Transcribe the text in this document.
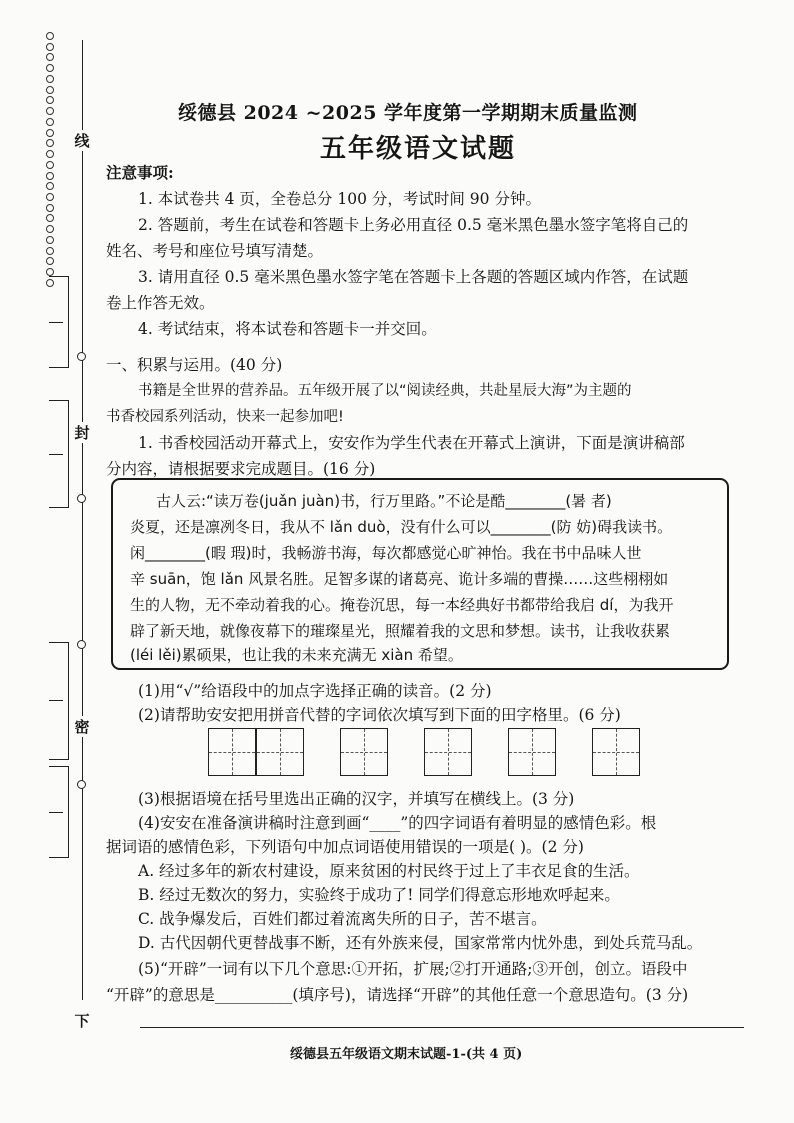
线
封
密
下
绥德县 2024 ~2025 学年度第一学期期末质量监测
五年级语文试题
注意事项:
1. 本试卷共 4 页，全卷总分 100 分，考试时间 90 分钟。
2. 答题前，考生在试卷和答题卡上务必用直径 0.5 毫米黑色墨水签字笔将自己的
姓名、考号和座位号填写清楚。
3. 请用直径 0.5 毫米黑色墨水签字笔在答题卡上各题的答题区域内作答，在试题
卷上作答无效。
4. 考试结束，将本试卷和答题卡一并交回。
一、积累与运用。(40 分)
书籍是全世界的营养品。五年级开展了以“阅读经典，共赴星辰大海”为主题的
书香校园系列活动，快来一起参加吧!
1. 书香校园活动开幕式上，安安作为学生代表在开幕式上演讲，下面是演讲稿部
分内容，请根据要求完成题目。(16 分)
古人云:“读万卷(juǎn juàn)书，行万里路。”不论是酷________(暑 者)
炎夏，还是凛冽冬日，我从不 lǎn duò，没有什么可以________(防 妨)碍我读书。
闲________(暇 瑕)时，我畅游书海，每次都感觉心旷神怡。我在书中品味人世
辛 suān，饱 lǎn 风景名胜。足智多谋的诸葛亮、诡计多端的曹操……这些栩栩如
生的人物，无不牵动着我的心。掩卷沉思，每一本经典好书都带给我启 dí，为我开
辟了新天地，就像夜幕下的璀璨星光，照耀着我的文思和梦想。读书，让我收获累
(léi lěi)累硕果，也让我的未来充满无 xiàn 希望。
(1)用“√”给语段中的加点字选择正确的读音。(2 分)
(2)请帮助安安把用拼音代替的字词依次填写到下面的田字格里。(6 分)
(3)根据语境在括号里选出正确的汉字，并填写在横线上。(3 分)
(4)安安在准备演讲稿时注意到画“____”的四字词语有着明显的感情色彩。根
据词语的感情色彩，下列语句中加点词语使用错误的一项是( )。(2 分)
A. 经过多年的新农村建设，原来贫困的村民终于过上了丰衣足食的生活。
B. 经过无数次的努力，实验终于成功了! 同学们得意忘形地欢呼起来。
C. 战争爆发后，百姓们都过着流离失所的日子，苦不堪言。
D. 古代因朝代更替战事不断，还有外族来侵，国家常常内忧外患，到处兵荒马乱。
(5)“开辟”一词有以下几个意思:①开拓，扩展;②打开通路;③开创，创立。语段中
“开辟”的意思是__________(填序号)，请选择“开辟”的其他任意一个意思造句。(3 分)
绥德县五年级语文期末试题-1-(共 4 页)
